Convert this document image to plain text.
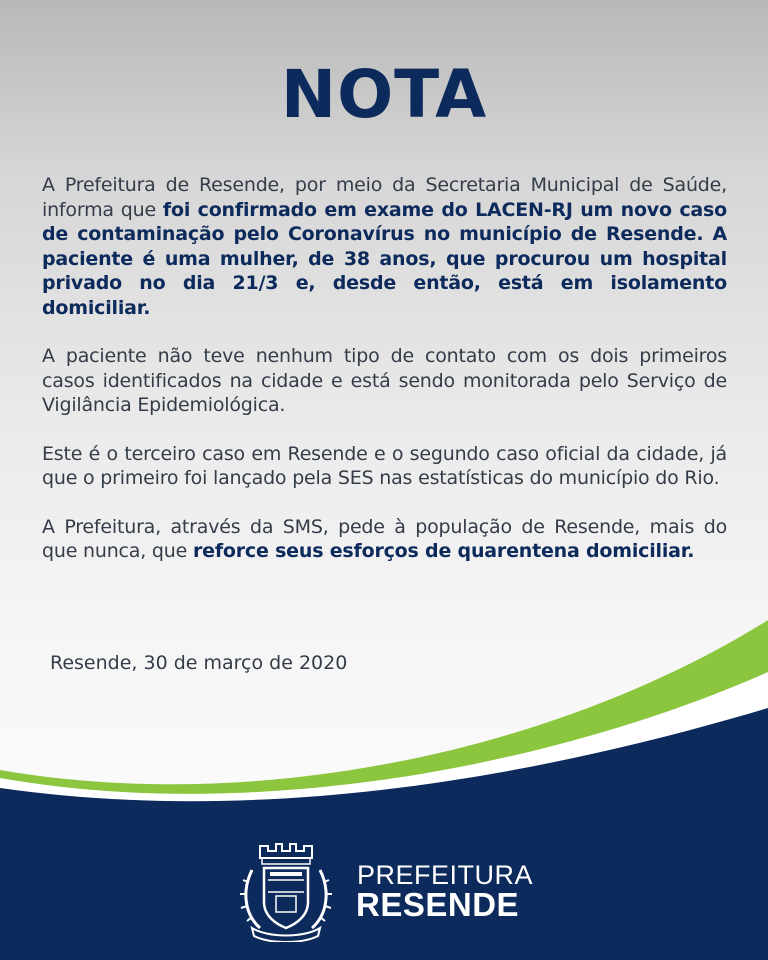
NOTA

A Prefeitura de Resende, por meio da Secretaria Municipal de Saúde, informa que foi confirmado em exame do LACEN-RJ um novo caso de contaminação pelo Coronavírus no município de Resende. A paciente é uma mulher, de 38 anos, que procurou um hospital privado no dia 21/3 e, desde então, está em isolamento domiciliar.

A paciente não teve nenhum tipo de contato com os dois primeiros casos identificados na cidade e está sendo monitorada pelo Serviço de Vigilância Epidemiológica.

Este é o terceiro caso em Resende e o segundo caso oficial da cidade, já que o primeiro foi lançado pela SES nas estatísticas do município do Rio.

A Prefeitura, através da SMS, pede à população de Resende, mais do que nunca, que reforce seus esforços de quarentena domiciliar.

Resende, 30 de março de 2020
PREFEITURA
RESENDE
